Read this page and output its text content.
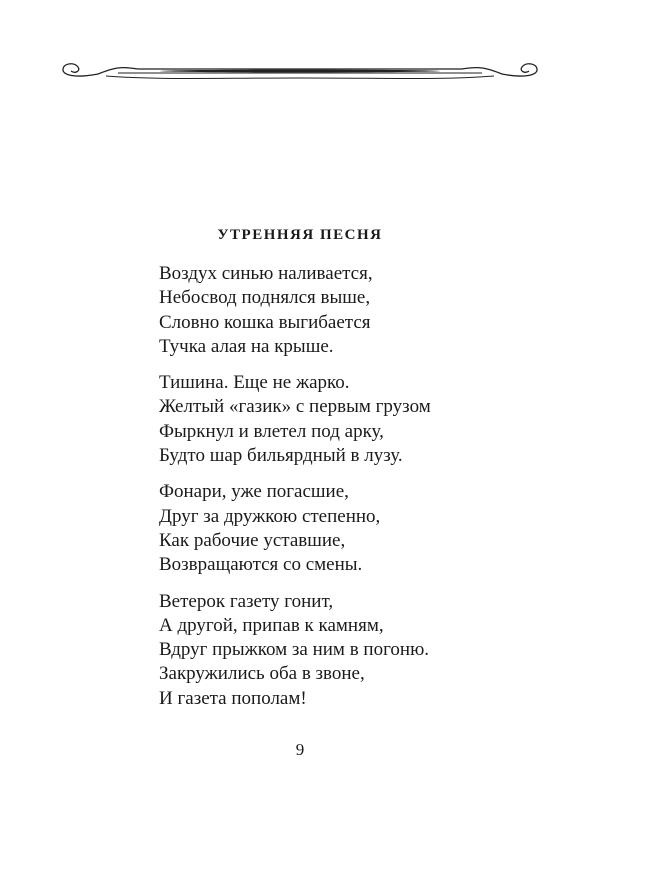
УТРЕННЯЯ ПЕСНЯ

Воздух синью наливается,
Небосвод поднялся выше,
Словно кошка выгибается
Тучка алая на крыше.

Тишина. Еще не жарко.
Желтый «газик» с первым грузом
Фыркнул и влетел под арку,
Будто шар бильярдный в лузу.

Фонари, уже погасшие,
Друг за дружкою степенно,
Как рабочие уставшие,
Возвращаются со смены.

Ветерок газету гонит,
А другой, припав к камням,
Вдруг прыжком за ним в погоню.
Закружились оба в звоне,
И газета пополам!

9
